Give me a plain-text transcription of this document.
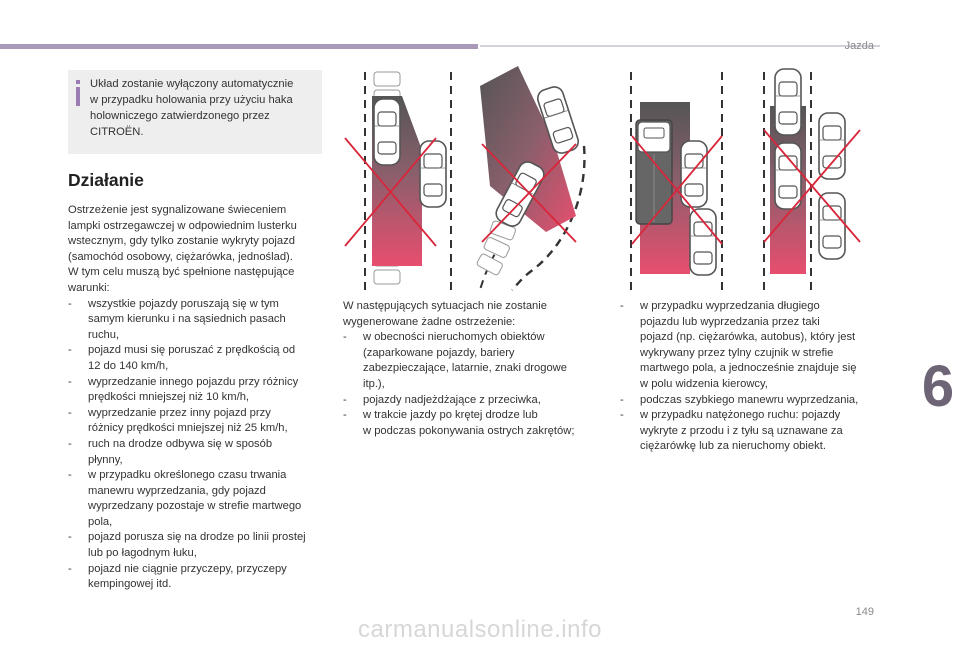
Jazda
Układ zostanie wyłączony automatycznie
w przypadku holowania przy użyciu haka
holowniczego zatwierdzonego przez
CITROËN.
Działanie

Ostrzeżenie jest sygnalizowane świeceniem
lampki ostrzegawczej w odpowiednim lusterku
wstecznym, gdy tylko zostanie wykryty pojazd
(samochód osobowy, ciężarówka, jednoślad).
W tym celu muszą być spełnione następujące
warunki:

- wszystkie pojazdy poruszają się w tym
samym kierunku i na sąsiednich pasach
ruchu,
- pojazd musi się poruszać z prędkością od
12 do 140 km/h,
- wyprzedzanie innego pojazdu przy różnicy
prędkości mniejszej niż 10 km/h,
- wyprzedzanie przez inny pojazd przy
różnicy prędkości mniejszej niż 25 km/h,
- ruch na drodze odbywa się w sposób
płynny,
- w przypadku określonego czasu trwania
manewru wyprzedzania, gdy pojazd
wyprzedzany pozostaje w strefie martwego
pola,
- pojazd porusza się na drodze po linii prostej
lub po łagodnym łuku,
- pojazd nie ciągnie przyczepy, przyczepy
kempingowej itd.

W następujących sytuacjach nie zostanie
wygenerowane żadne ostrzeżenie:

- w obecności nieruchomych obiektów
(zaparkowane pojazdy, bariery
zabezpieczające, latarnie, znaki drogowe
itp.),
- pojazdy nadjeżdżające z przeciwka,
- w trakcie jazdy po krętej drodze lub
w podczas pokonywania ostrych zakrętów;
- w przypadku wyprzedzania długiego
pojazdu lub wyprzedzania przez taki
pojazd (np. ciężarówka, autobus), który jest
wykrywany przez tylny czujnik w strefie
martwego pola, a jednocześnie znajduje się
w polu widzenia kierowcy,
- podczas szybkiego manewru wyprzedzania,
- w przypadku natężonego ruchu: pojazdy
wykryte z przodu i z tyłu są uznawane za
ciężarówkę lub za nieruchomy obiekt.
6
149
carmanualsonline.info
